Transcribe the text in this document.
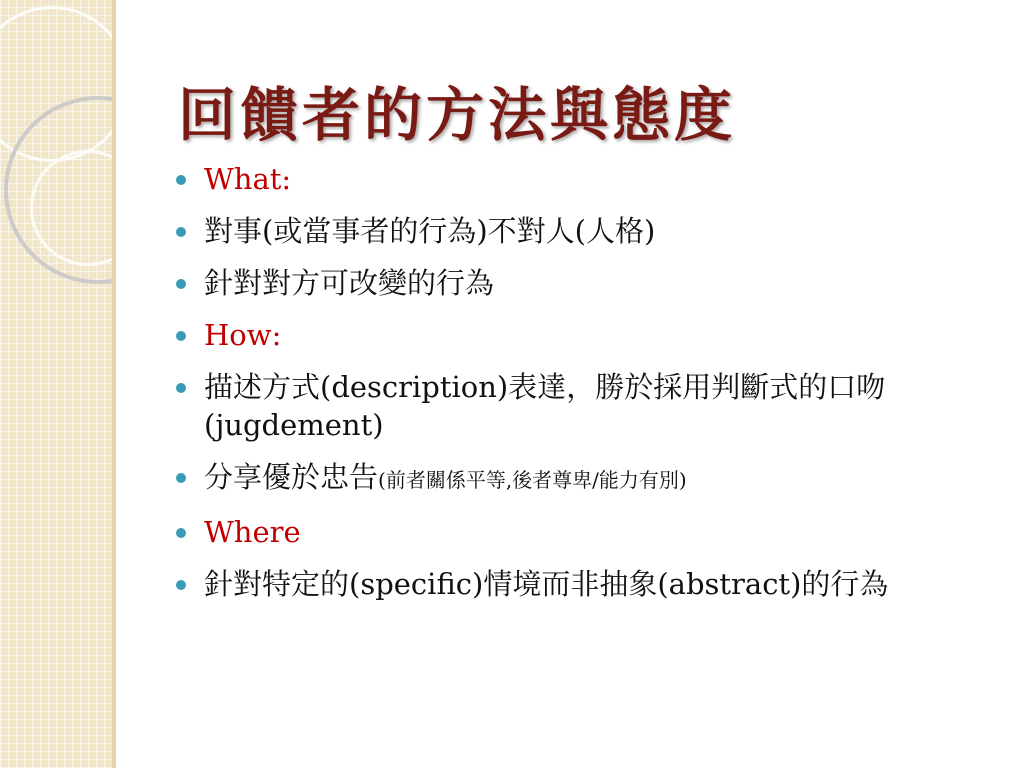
回饋者的方法與態度
What:
對事(或當事者的行為)不對人(人格)
針對對方可改變的行為
How:
描述方式(description)表達，勝於採用判斷式的口吻(jugdement)
分享優於忠告(前者關係平等,後者尊卑/能力有別)
Where
針對特定的(specific)情境而非抽象(abstract)的行為
